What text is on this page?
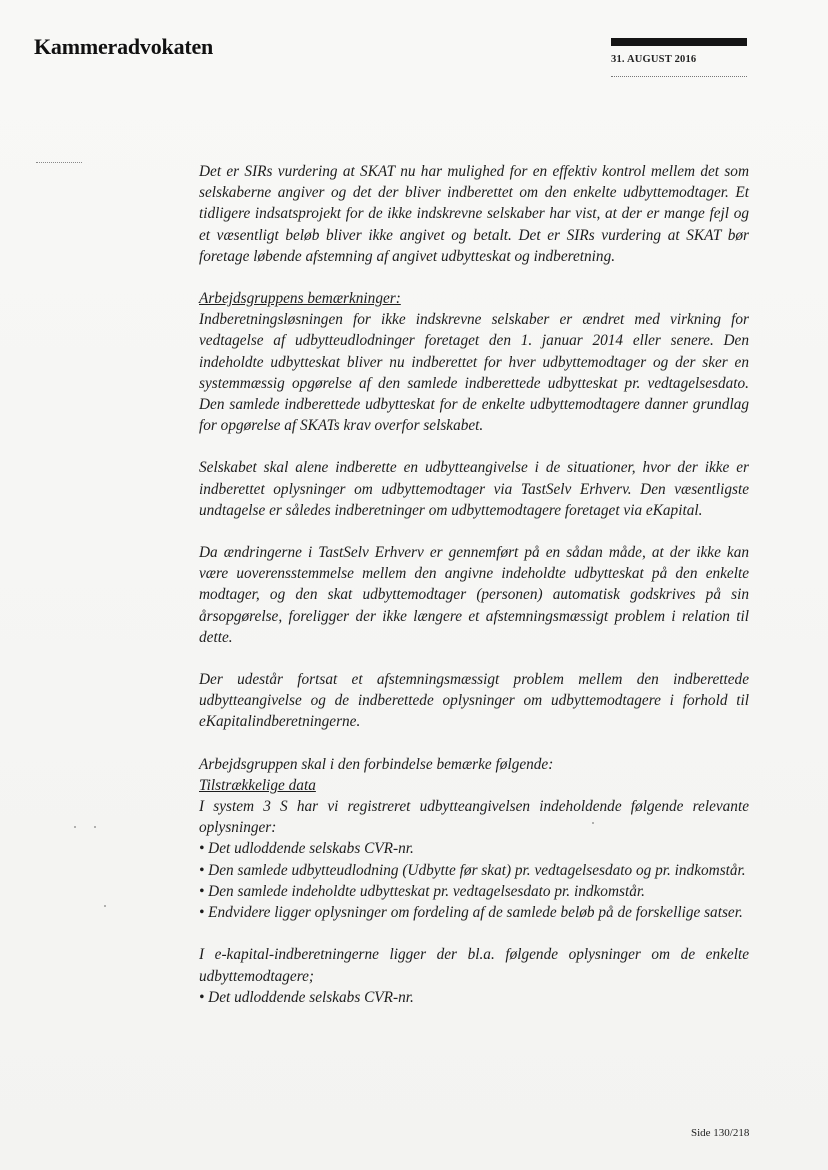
Kammeradvokaten
31. AUGUST 2016

Det er SIRs vurdering at SKAT nu har mulighed for en effektiv kontrol mellem det som selskaberne angiver og det der bliver indberettet om den enkelte udbyttemodtager. Et tidligere indsatsprojekt for de ikke indskrevne selskaber har vist, at der er mange fejl og et væsentligt beløb bliver ikke angivet og betalt. Det er SIRs vurdering at SKAT bør foretage løbende afstemning af angivet udbytteskat og indberetning.

Arbejdsgruppens bemærkninger:

Indberetningsløsningen for ikke indskrevne selskaber er ændret med virkning for vedtagelse af udbytteudlodninger foretaget den 1. januar 2014 eller senere. Den indeholdte udbytteskat bliver nu indberettet for hver udbyttemodtager og der sker en systemmæssig opgørelse af den samlede indberettede udbytteskat pr. vedtagelsesdato. Den samlede indberettede udbytteskat for de enkelte udbyttemodtagere danner grundlag for opgørelse af SKATs krav overfor selskabet.

Selskabet skal alene indberette en udbytteangivelse i de situationer, hvor der ikke er indberettet oplysninger om udbyttemodtager via TastSelv Erhverv. Den væsentligste undtagelse er således indberetninger om udbyttemodtagere foretaget via eKapital.

Da ændringerne i TastSelv Erhverv er gennemført på en sådan måde, at der ikke kan være uoverensstemmelse mellem den angivne indeholdte udbytteskat på den enkelte modtager, og den skat udbyttemodtager (personen) automatisk godskrives på sin årsopgørelse, foreligger der ikke længere et afstemningsmæssigt problem i relation til dette.

Der udestår fortsat et afstemningsmæssigt problem mellem den indberettede udbytteangivelse og de indberettede oplysninger om udbyttemodtagere i forhold til eKapitalindberetningerne.

Arbejdsgruppen skal i den forbindelse bemærke følgende:

Tilstrækkelige data

I system 3 S har vi registreret udbytteangivelsen indeholdende følgende relevante oplysninger:

• Det udloddende selskabs CVR-nr.

• Den samlede udbytteudlodning (Udbytte før skat) pr. vedtagelsesdato og pr. indkomstår.

• Den samlede indeholdte udbytteskat pr. vedtagelsesdato pr. indkomstår.

• Endvidere ligger oplysninger om fordeling af de samlede beløb på de forskellige satser.

I e-kapital-indberetningerne ligger der bl.a. følgende oplysninger om de enkelte udbyttemodtagere;

• Det udloddende selskabs CVR-nr.

Side 130/218
